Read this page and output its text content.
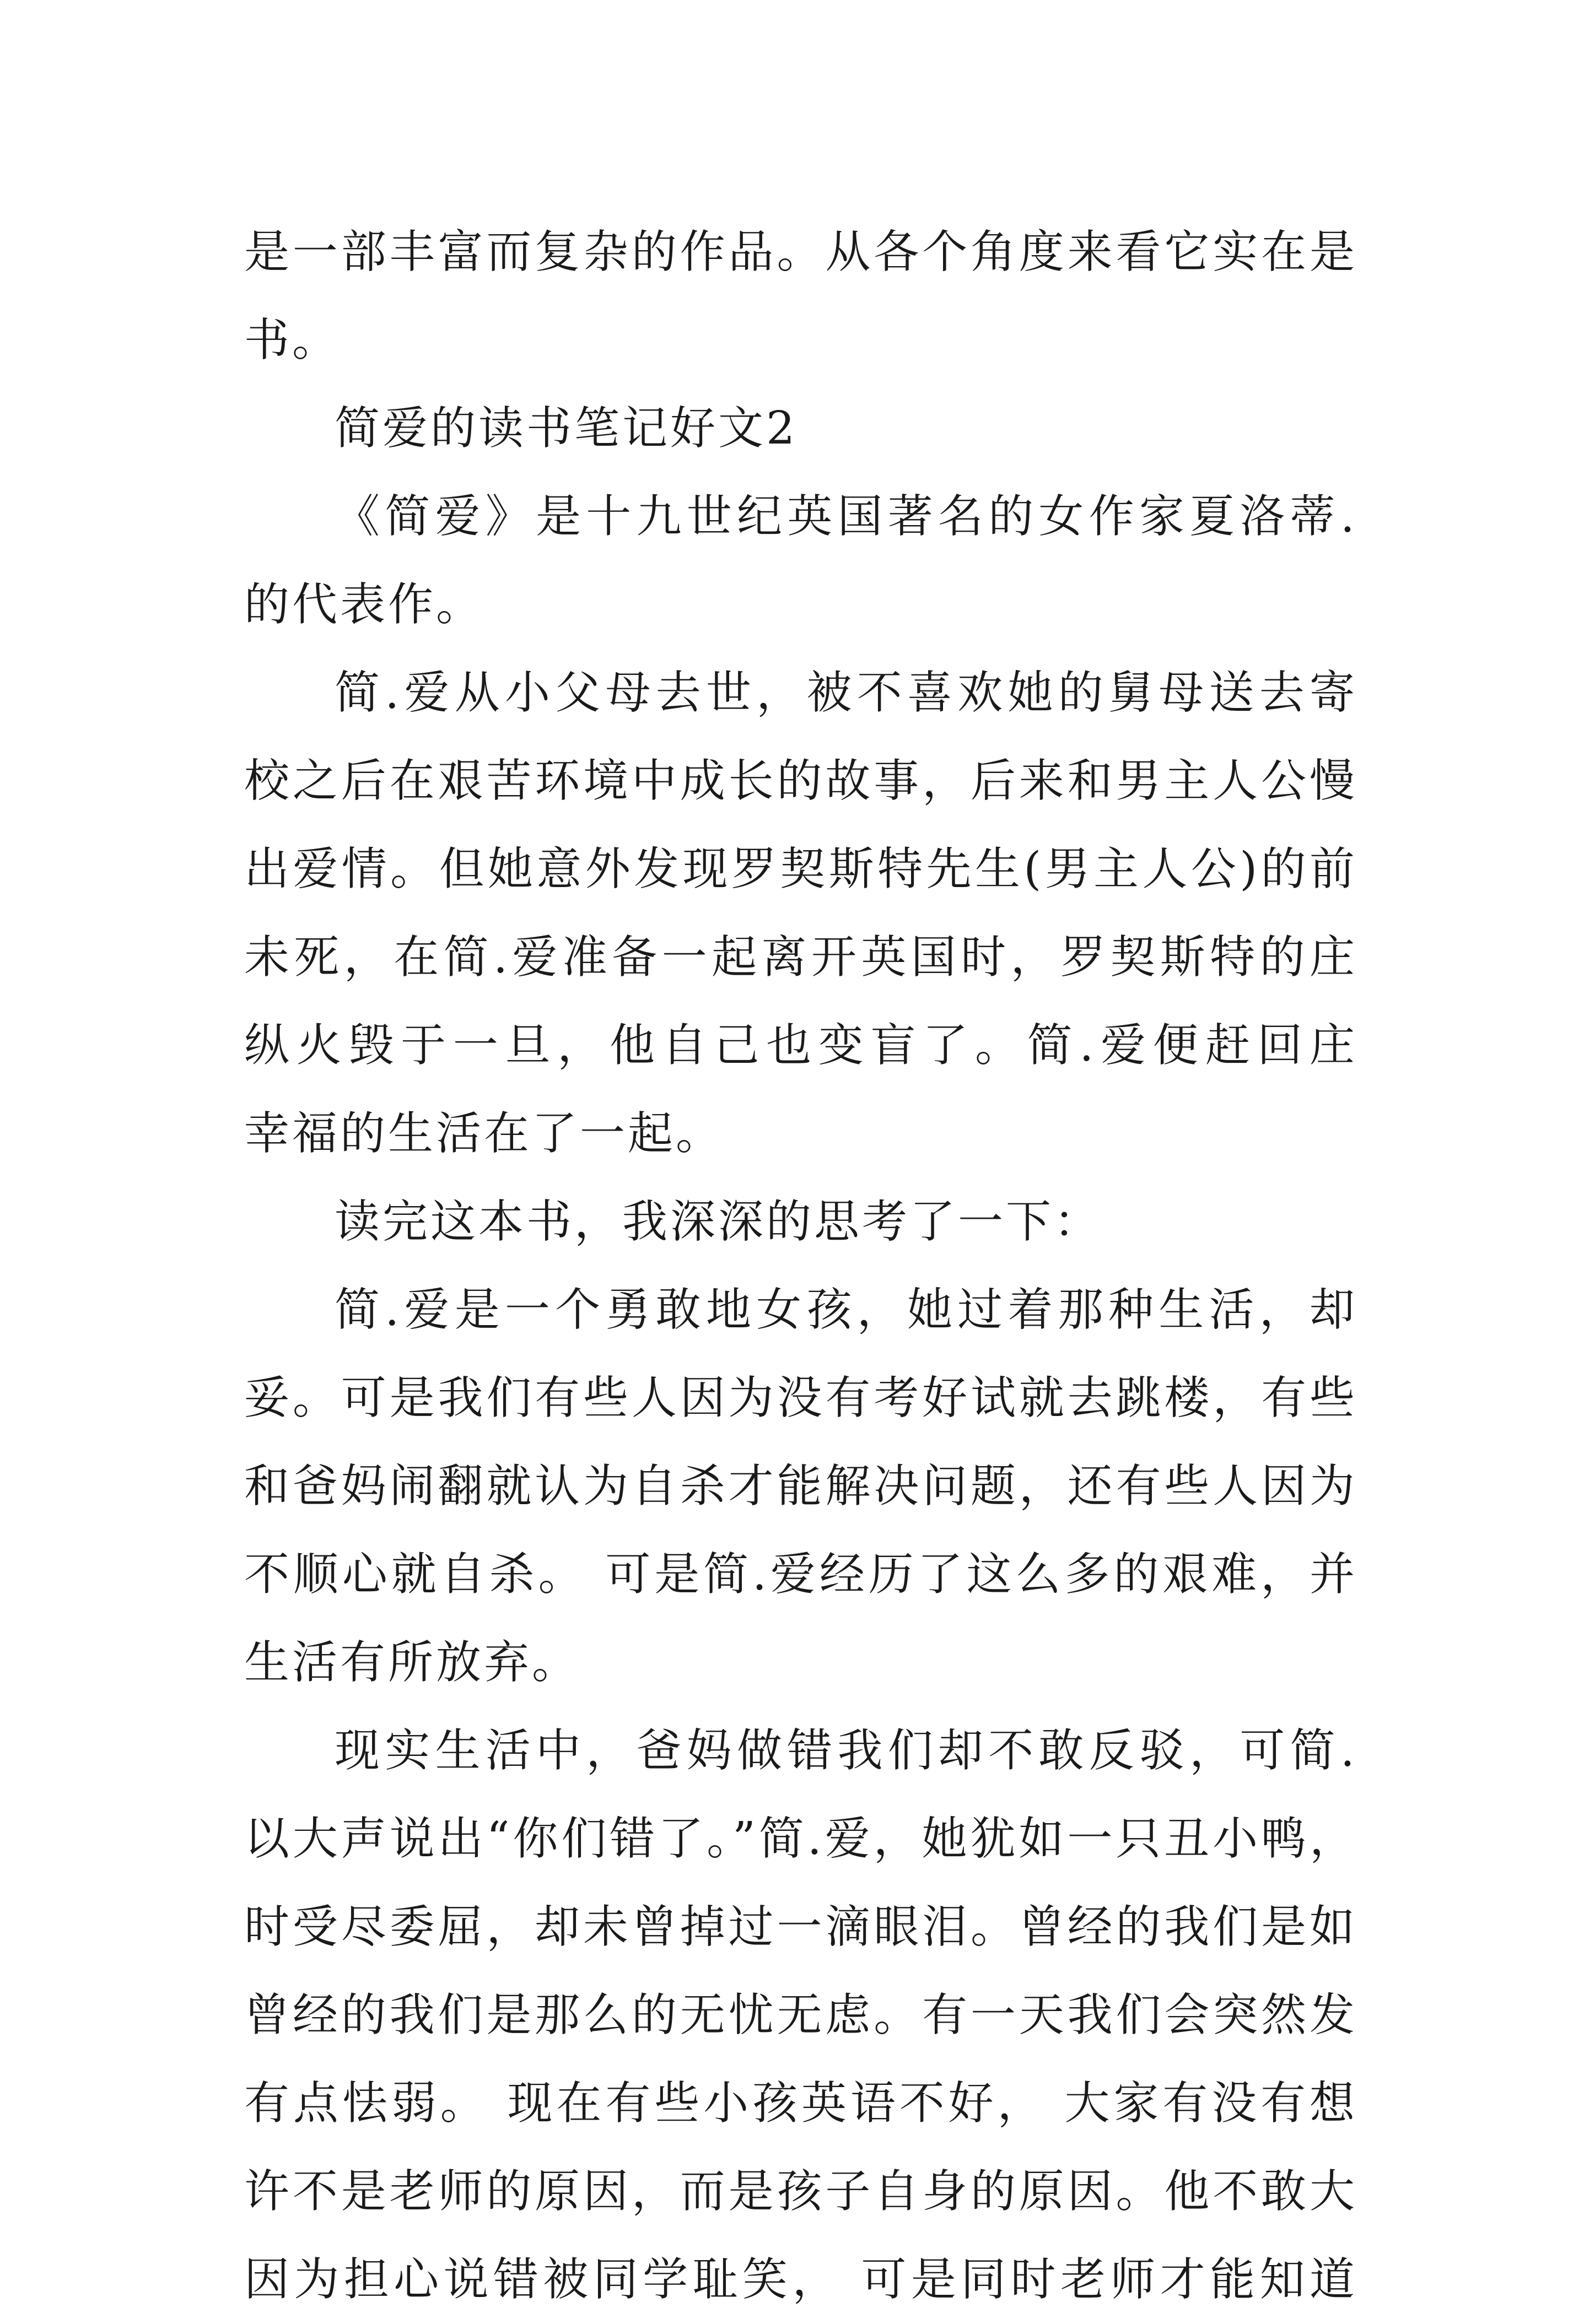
是一部丰富而复杂的作品。从各个角度来看它实在是
书。
简爱的读书笔记好文2
《简爱》是十九世纪英国著名的女作家夏洛蒂.
的代表作。
简.爱从小父母去世，被不喜欢她的舅母送去寄
校之后在艰苦环境中成长的故事，后来和男主人公慢
出爱情。但她意外发现罗契斯特先生(男主人公)的前
未死，在简.爱准备一起离开英国时，罗契斯特的庄
纵火毁于一旦，他自己也变盲了。简.爱便赶回庄
幸福的生活在了一起。
读完这本书，我深深的思考了一下：
简.爱是一个勇敢地女孩，她过着那种生活，却
妥。可是我们有些人因为没有考好试就去跳楼，有些
和爸妈闹翻就认为自杀才能解决问题，还有些人因为
不顺心就自杀。 可是简.爱经历了这么多的艰难，并
生活有所放弃。
现实生活中，爸妈做错我们却不敢反驳，可简.
以大声说出“你们错了。”简.爱，她犹如一只丑小鸭，
时受尽委屈，却未曾掉过一滴眼泪。曾经的我们是如
曾经的我们是那么的无忧无虑。有一天我们会突然发
有点怯弱。 现在有些小孩英语不好， 大家有没有想
许不是老师的原因，而是孩子自身的原因。他不敢大
因为担心说错被同学耻笑， 可是同时老师才能知道
